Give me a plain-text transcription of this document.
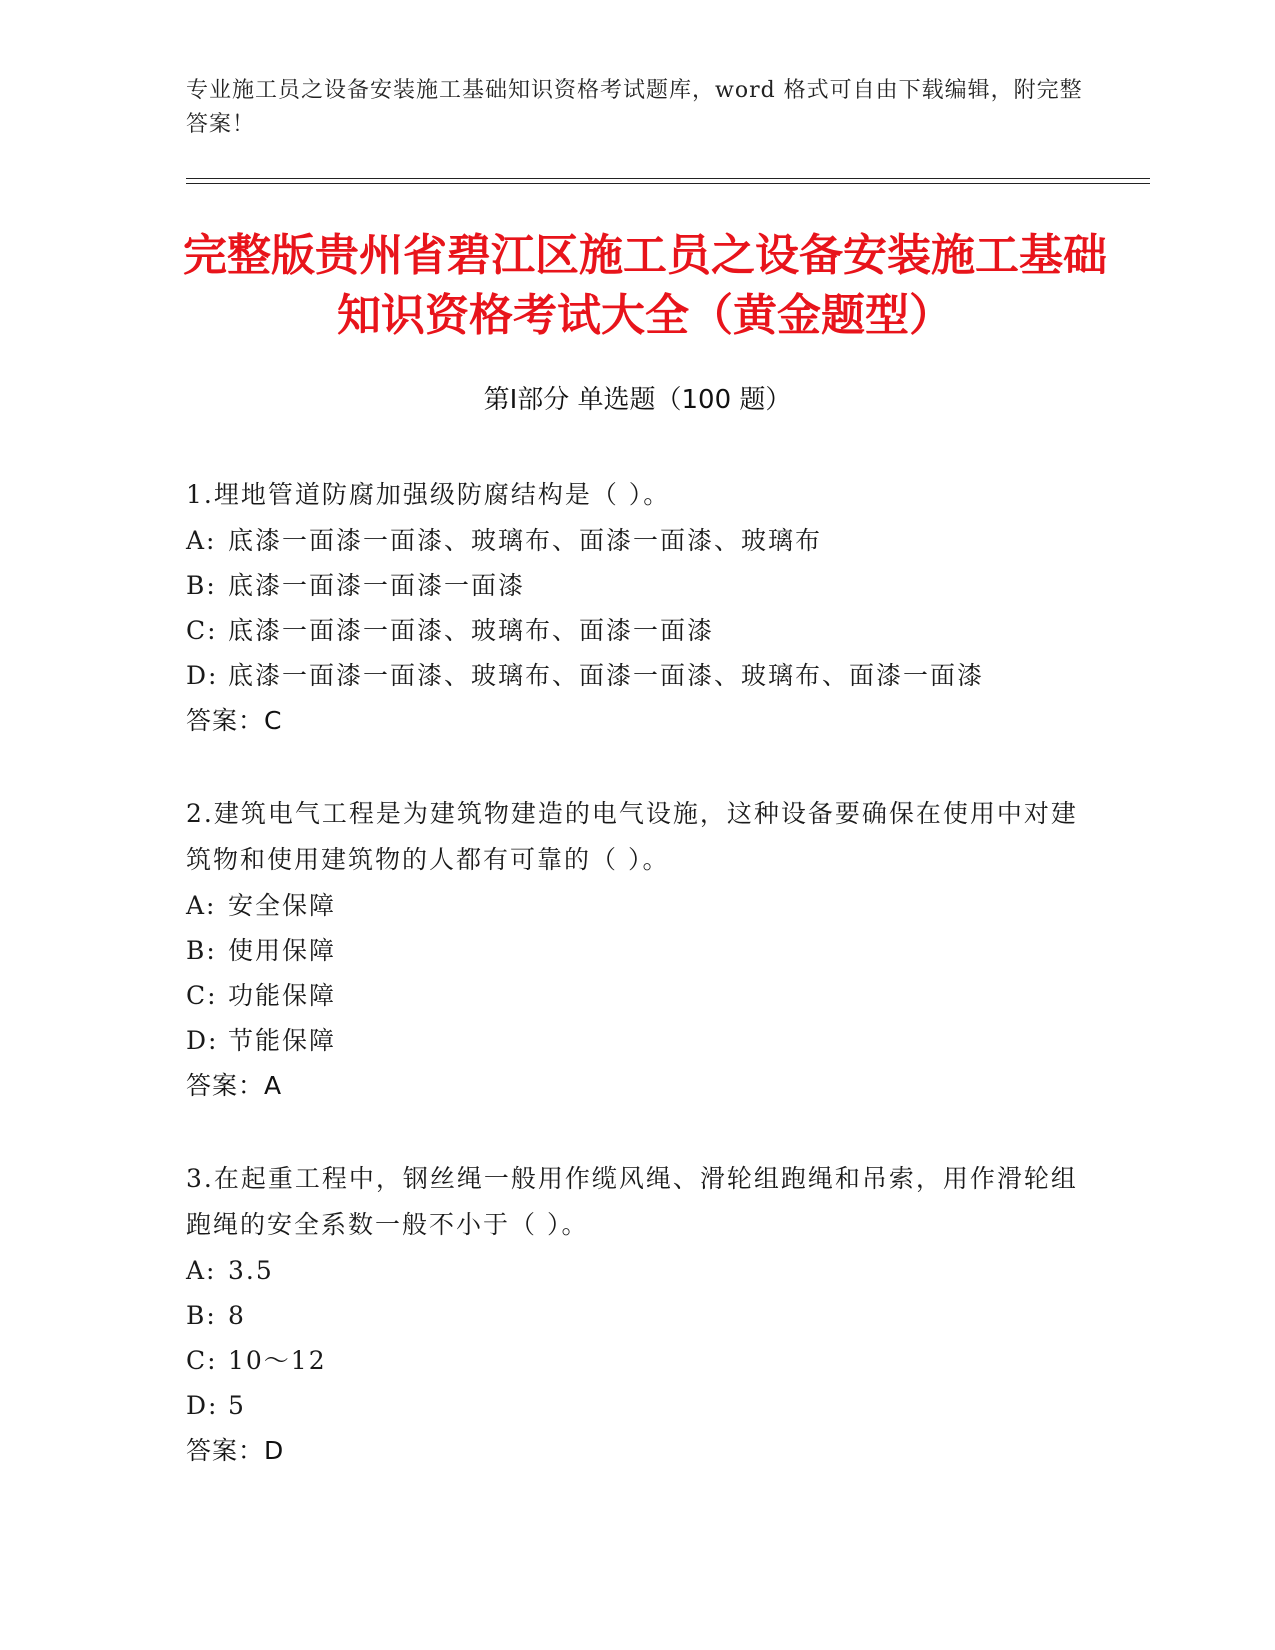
专业施工员之设备安装施工基础知识资格考试题库，word 格式可自由下载编辑，附完整答案！
完整版贵州省碧江区施工员之设备安装施工基础知识资格考试大全（黄金题型）
第Ⅰ部分 单选题（100 题）

1.埋地管道防腐加强级防腐结构是（ ）。

A: 底漆一面漆一面漆、玻璃布、面漆一面漆、玻璃布
B: 底漆一面漆一面漆一面漆
C: 底漆一面漆一面漆、玻璃布、面漆一面漆
D: 底漆一面漆一面漆、玻璃布、面漆一面漆、玻璃布、面漆一面漆
答案：C

2.建筑电气工程是为建筑物建造的电气设施，这种设备要确保在使用中对建筑物和使用建筑物的人都有可靠的（ ）。

A: 安全保障
B: 使用保障
C: 功能保障
D: 节能保障
答案：A

3.在起重工程中，钢丝绳一般用作缆风绳、滑轮组跑绳和吊索，用作滑轮组跑绳的安全系数一般不小于（ ）。

A: 3.5
B: 8
C: 10～12
D: 5
答案：D
